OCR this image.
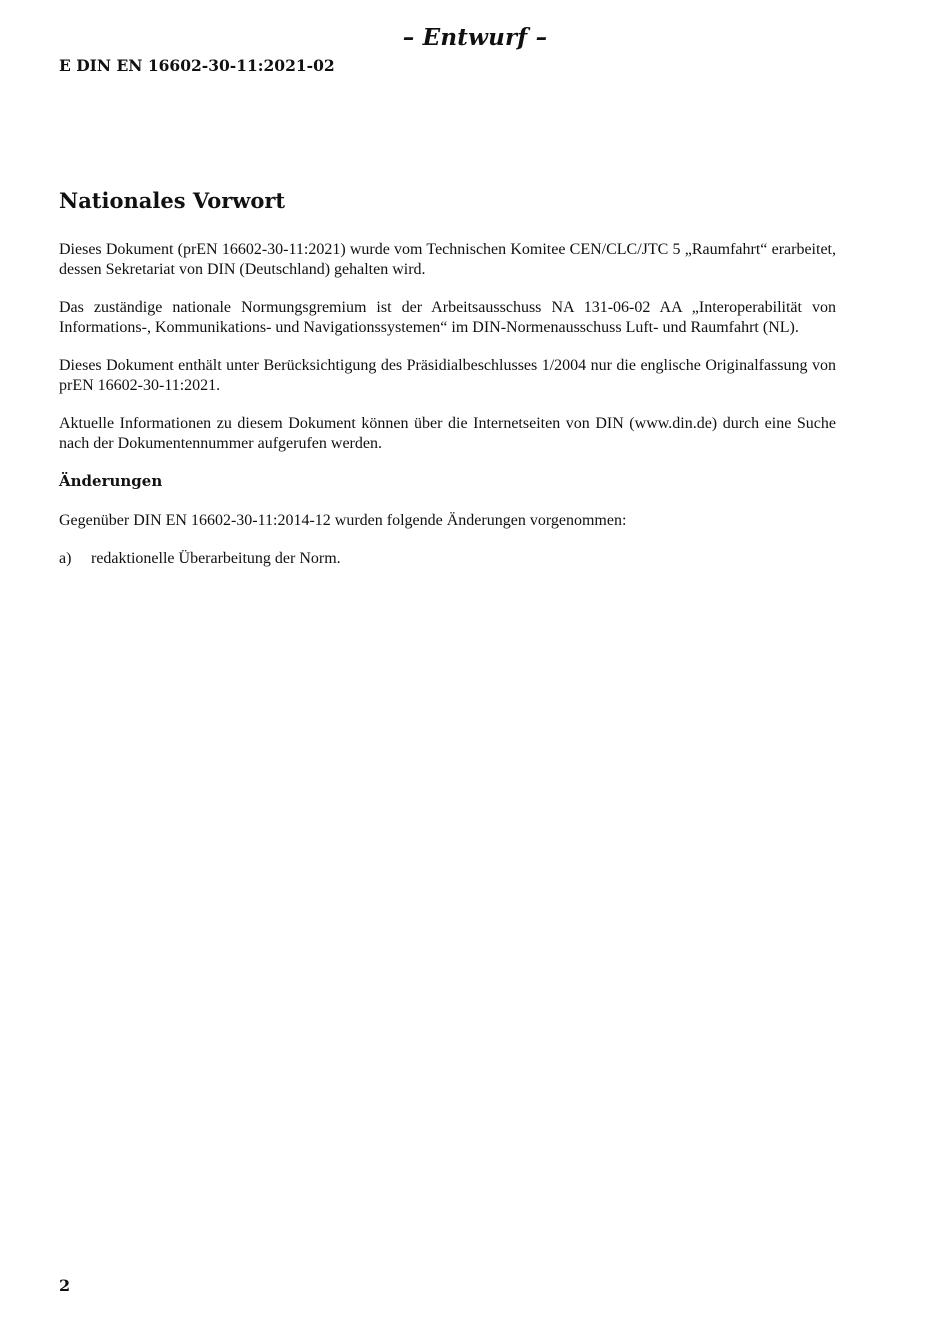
– Entwurf –
E DIN EN 16602-30-11:2021-02
Nationales Vorwort

Dieses Dokument (prEN 16602-30-11:2021) wurde vom Technischen Komitee CEN/CLC/JTC 5 „Raumfahrt“ erarbeitet, dessen Sekretariat von DIN (Deutschland) gehalten wird.

Das zuständige nationale Normungsgremium ist der Arbeitsausschuss NA 131-06-02 AA „Interoperabilität von Informations-, Kommunikations- und Navigationssystemen“ im DIN-Normenausschuss Luft- und Raumfahrt (NL).

Dieses Dokument enthält unter Berücksichtigung des Präsidialbeschlusses 1/2004 nur die englische Originalfassung von prEN 16602-30-11:2021.

Aktuelle Informationen zu diesem Dokument können über die Internetseiten von DIN (www.din.de) durch eine Suche nach der Dokumentennummer aufgerufen werden.

Änderungen

Gegenüber DIN EN 16602-30-11:2014-12 wurden folgende Änderungen vorgenommen:

a)	redaktionelle Überarbeitung der Norm.
2
